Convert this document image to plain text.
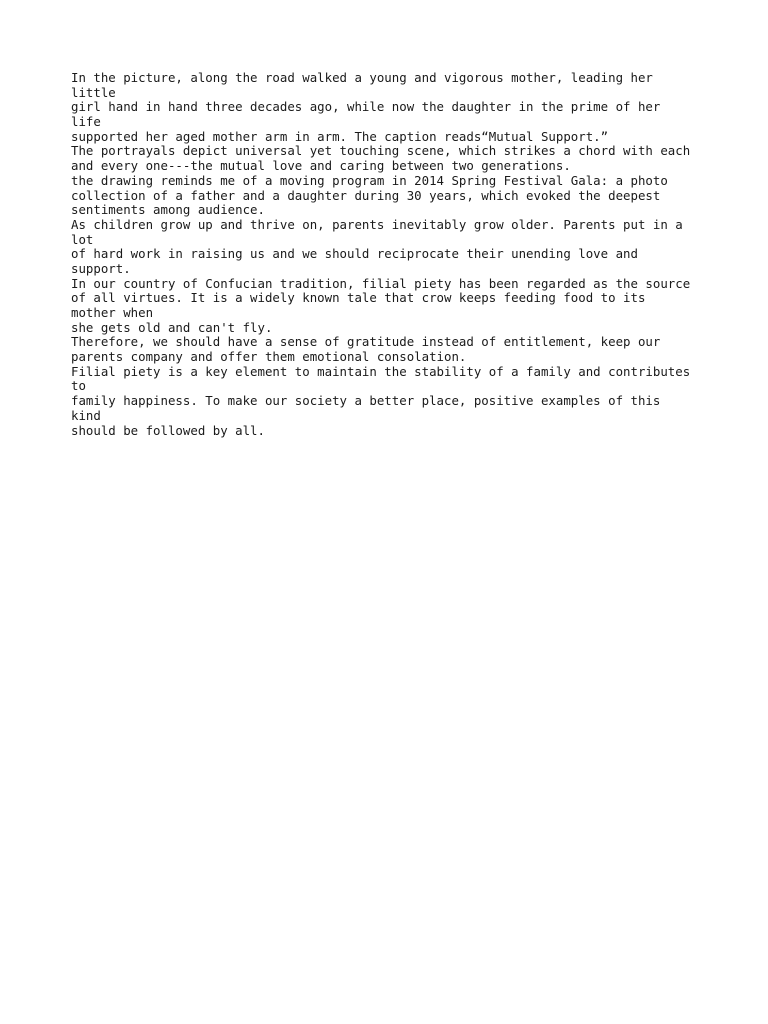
In the picture, along the road walked a young and vigorous mother, leading her
little
girl hand in hand three decades ago, while now the daughter in the prime of her
life
supported her aged mother arm in arm. The caption reads“Mutual Support.”
The portrayals depict universal yet touching scene, which strikes a chord with each
and every one---the mutual love and caring between two generations.
the drawing reminds me of a moving program in 2014 Spring Festival Gala: a photo
collection of a father and a daughter during 30 years, which evoked the deepest
sentiments among audience.
As children grow up and thrive on, parents inevitably grow older. Parents put in a
lot
of hard work in raising us and we should reciprocate their unending love and
support.
In our country of Confucian tradition, filial piety has been regarded as the source
of all virtues. It is a widely known tale that crow keeps feeding food to its
mother when
she gets old and can't fly.
Therefore, we should have a sense of gratitude instead of entitlement, keep our
parents company and offer them emotional consolation.
Filial piety is a key element to maintain the stability of a family and contributes
to
family happiness. To make our society a better place, positive examples of this
kind
should be followed by all.
